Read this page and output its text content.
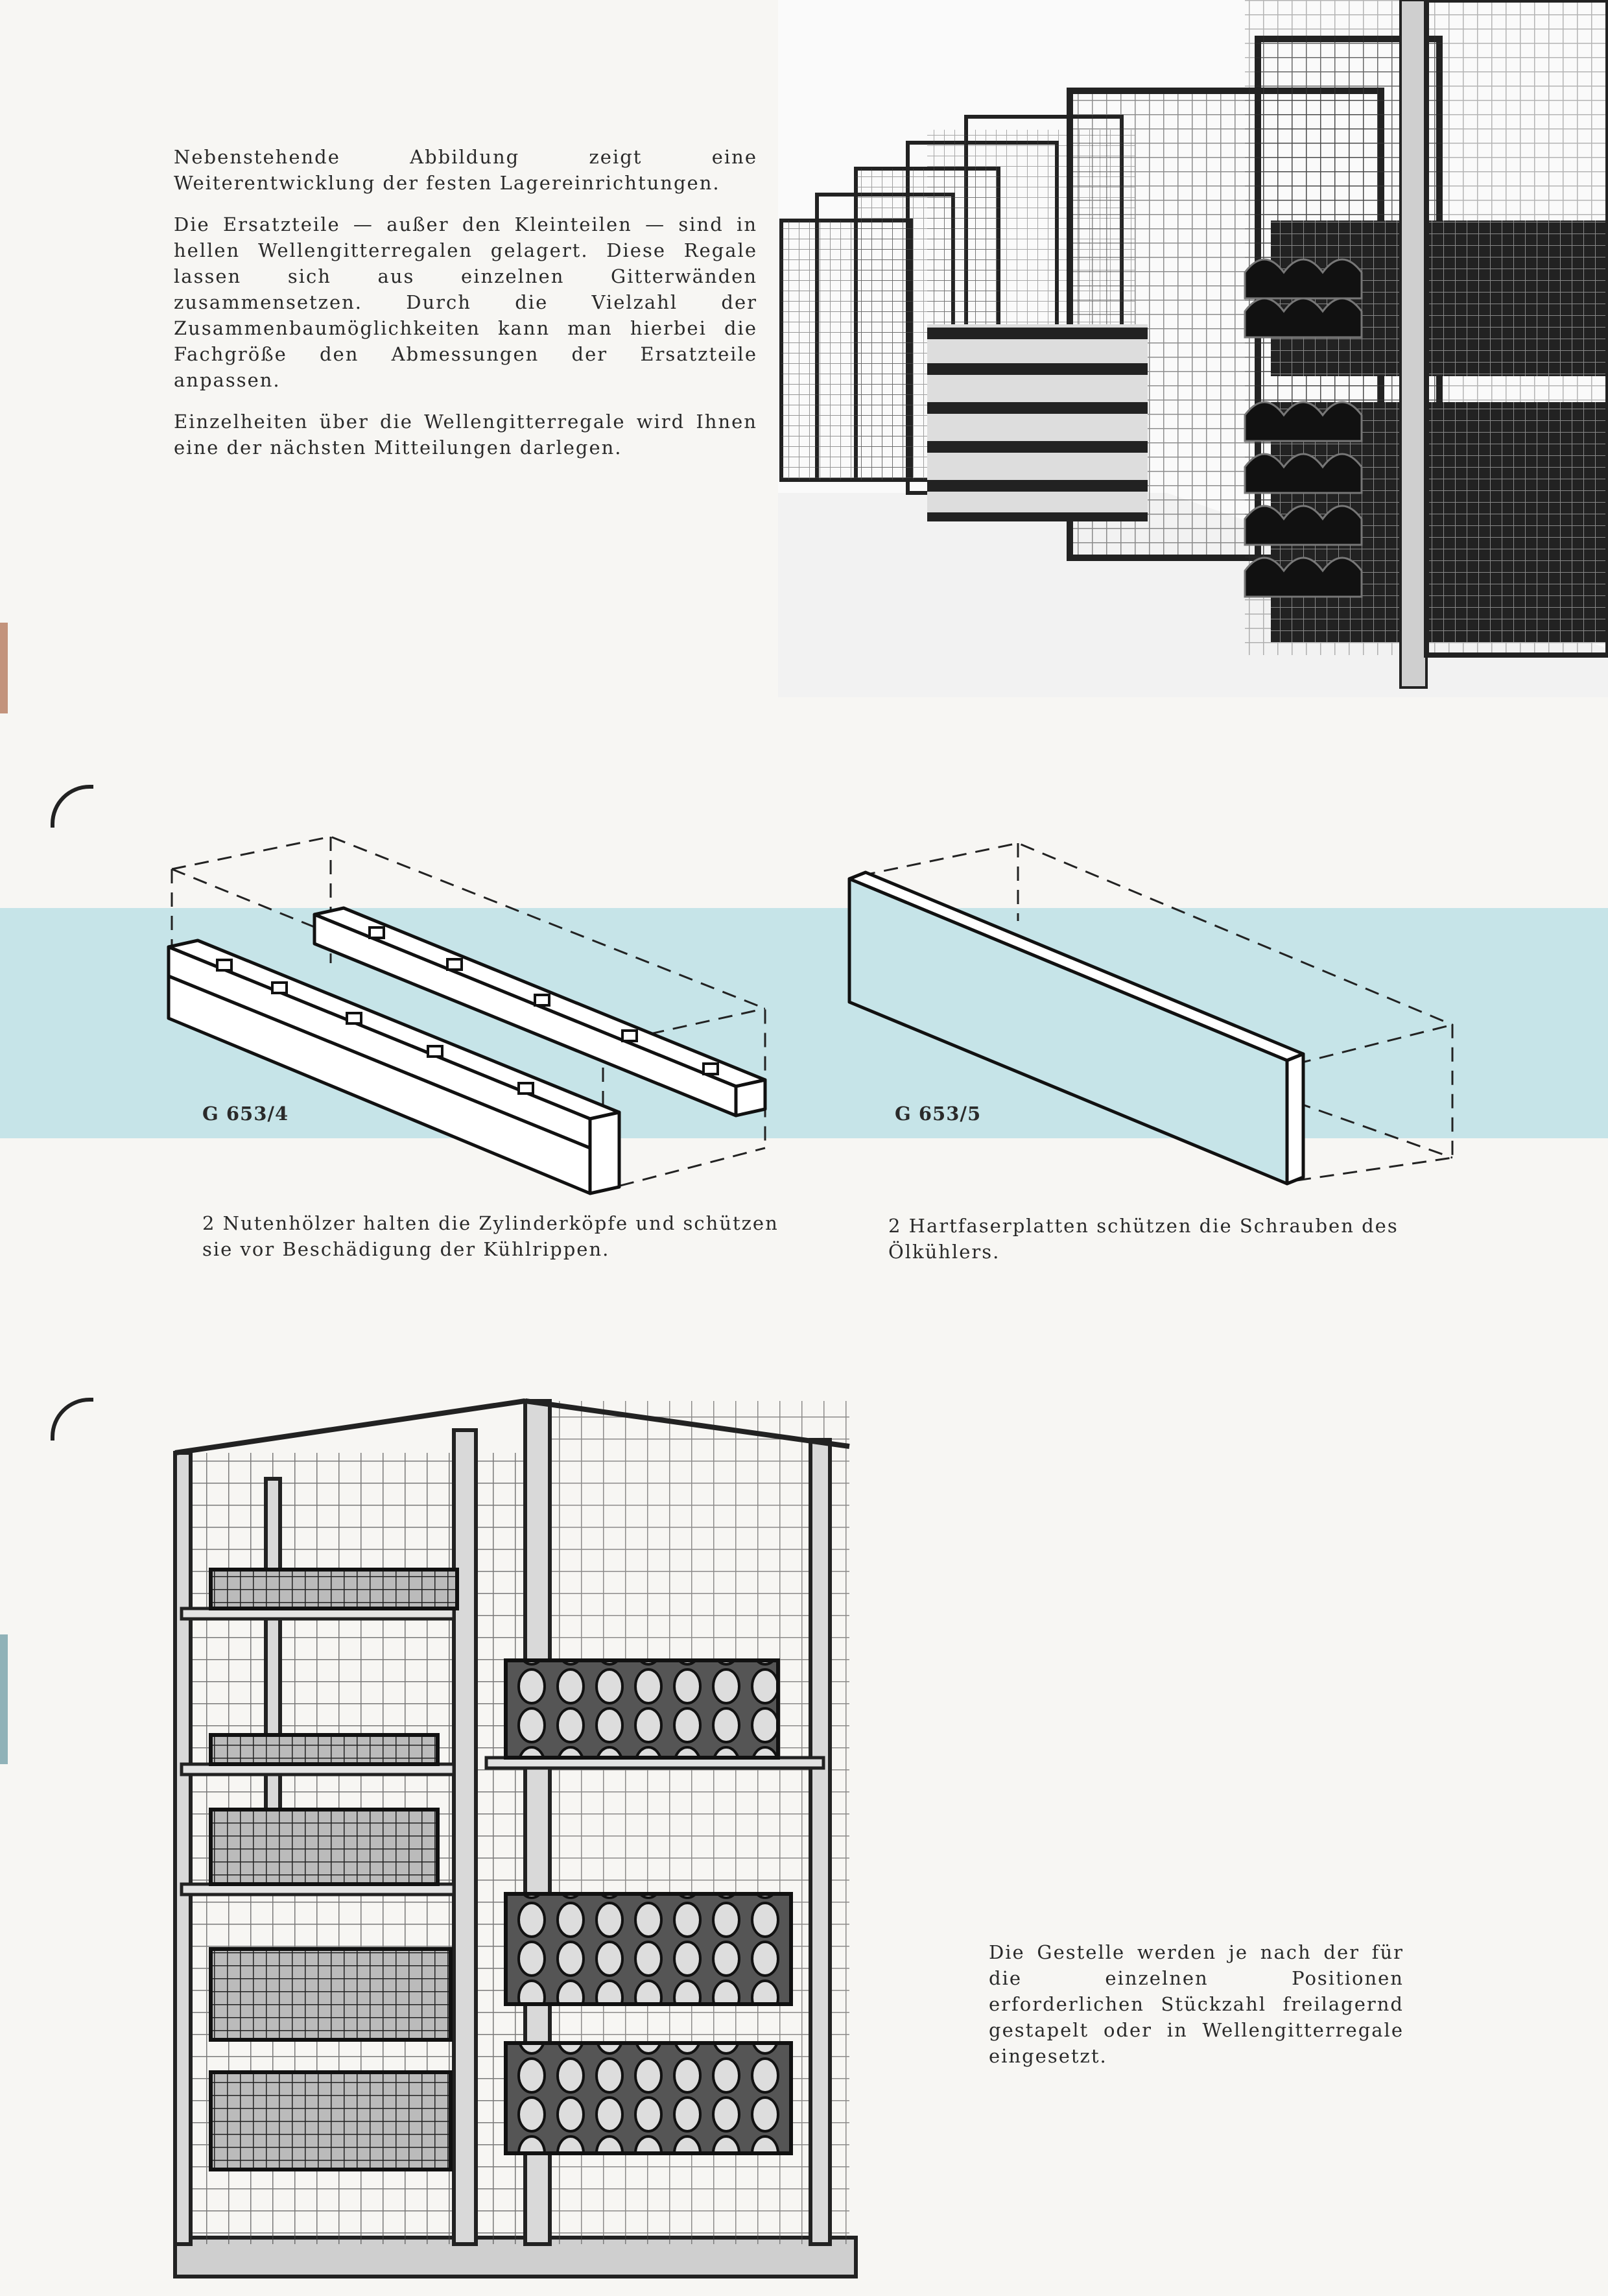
Nebenstehende Abbildung zeigt eine Weiterentwicklung der festen Lagereinrichtungen.

Die Ersatzteile — außer den Kleinteilen — sind in hellen Wellengitterregalen gelagert. Diese Regale lassen sich aus einzelnen Gitterwänden zusammensetzen. Durch die Vielzahl der Zusammenbaumöglichkeiten kann man hierbei die Fachgröße den Abmessungen der Ersatzteile anpassen.

Einzelheiten über die Wellengitterregale wird Ihnen eine der nächsten Mitteilungen darlegen.

G 653/4	G 653/5

2 Nutenhölzer halten die Zylinderköpfe und schützen sie vor Beschädigung der Kühlrippen.

2 Hartfaserplatten schützen die Schrauben des Ölkühlers.

Die Gestelle werden je nach der für die einzelnen Positionen erforderlichen Stückzahl freilagernd gestapelt oder in Wellengitterregale eingesetzt.
